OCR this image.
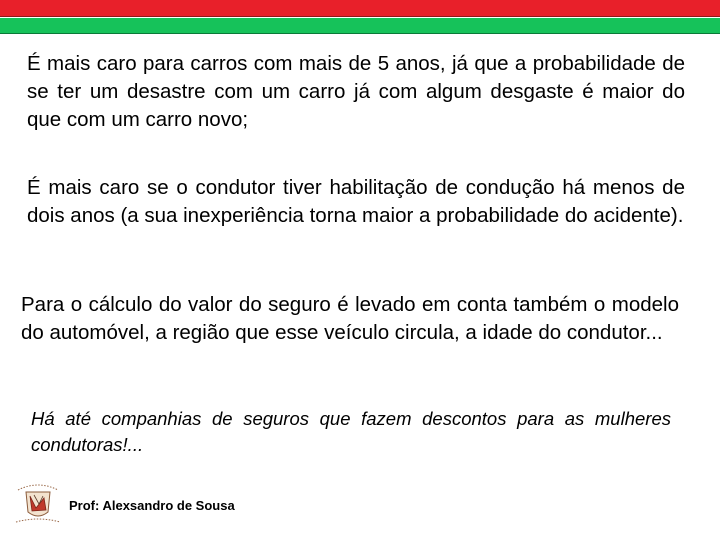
É mais caro para carros com mais de 5 anos, já que a probabilidade de se ter um desastre com um carro já com algum desgaste é maior do que com um carro novo;

É mais caro se o condutor tiver habilitação de condução há menos de dois anos (a sua inexperiência torna maior a probabilidade do acidente).

Para o cálculo do valor do seguro é levado em conta também o modelo do automóvel, a região que esse veículo circula, a idade do condutor...

Há até companhias de seguros que fazem descontos para as mulheres condutoras!...

Prof: Alexsandro de Sousa
